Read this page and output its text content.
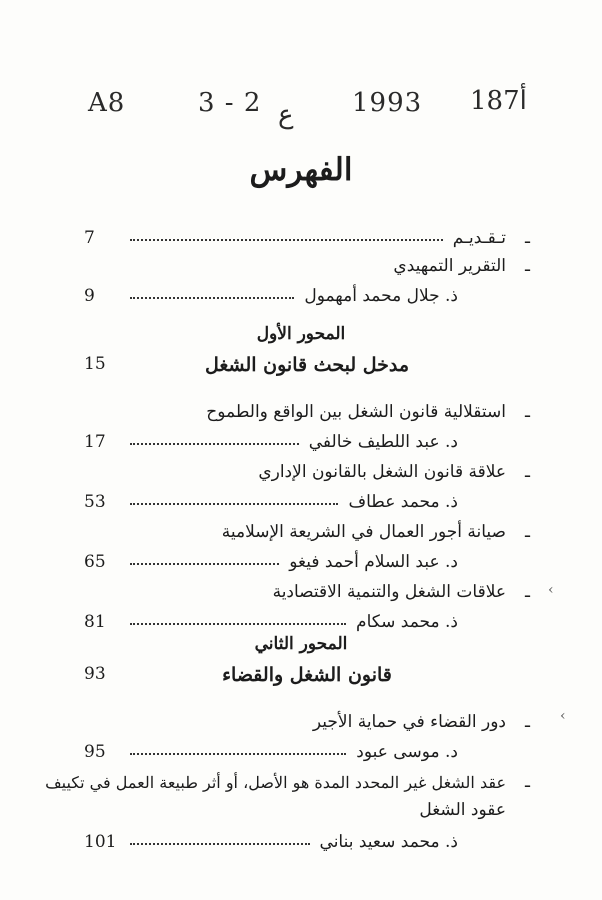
A8	3 - 2 ع 1993 أ187
الفهرس
ـ
تـقـديـم
7
ـ
التقرير التمهيدي
ذ. جلال محمد أمهمول
9
المحور الأول
مدخل لبحث قانون الشغل
15
ـ
استقلالية قانون الشغل بين الواقع والطموح
د. عبد اللطيف خالفي
17
ـ
علاقة قانون الشغل بالقانون الإداري
ذ. محمد عطاف
53
ـ
صيانة أجور العمال في الشريعة الإسلامية
د. عبد السلام أحمد فيغو
65
ـ
علاقات الشغل والتنمية الاقتصادية
ذ. محمد سكام
81
المحور الثاني
قانون الشغل والقضاء
93
ـ
دور القضاء في حماية الأجير
د. موسى عبود
95
ـ
عقد الشغل غير المحدد المدة هو الأصل، أو أثر طبيعة العمل في تكييف
عقود الشغل
ذ. محمد سعيد بناني
101
‹
‹
